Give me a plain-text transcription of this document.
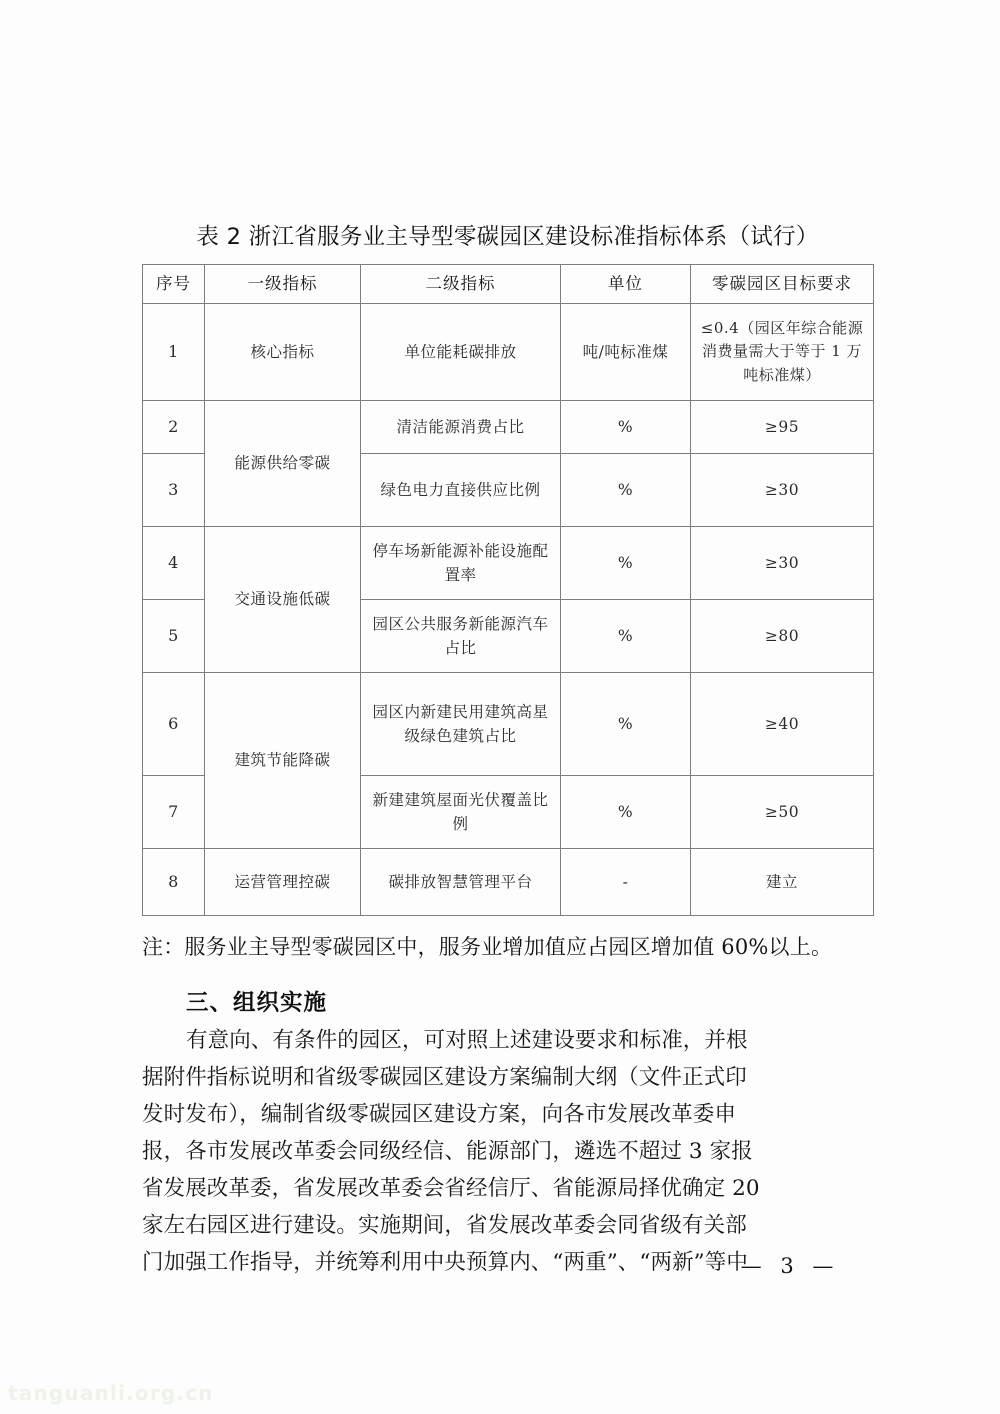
表 2 浙江省服务业主导型零碳园区建设标准指标体系（试行）
序号	一级指标	二级指标	单位	零碳园区目标要求
1	核心指标	单位能耗碳排放	吨/吨标准煤	≤0.4（园区年综合能源消费量需大于等于 1 万吨标准煤）
2	能源供给零碳	清洁能源消费占比	%	≥95
3		绿色电力直接供应比例	%	≥30
4	交通设施低碳	停车场新能源补能设施配置率	%	≥30
5		园区公共服务新能源汽车占比	%	≥80
6	建筑节能降碳	园区内新建民用建筑高星级绿色建筑占比	%	≥40
7		新建建筑屋面光伏覆盖比例	%	≥50
8	运营管理控碳	碳排放智慧管理平台	-	建立

注：服务业主导型零碳园区中，服务业增加值应占园区增加值 60%以上。

三、组织实施
有意向、有条件的园区，可对照上述建设要求和标准，并根
据附件指标说明和省级零碳园区建设方案编制大纲（文件正式印
发时发布），编制省级零碳园区建设方案，向各市发展改革委申
报，各市发展改革委会同级经信、能源部门，遴选不超过 3 家报
省发展改革委，省发展改革委会省经信厅、省能源局择优确定 20
家左右园区进行建设。实施期间，省发展改革委会同省级有关部
门加强工作指导，并统筹利用中央预算内、“两重”、“两新”等中
— 3 —
tanguanli.org.cn
